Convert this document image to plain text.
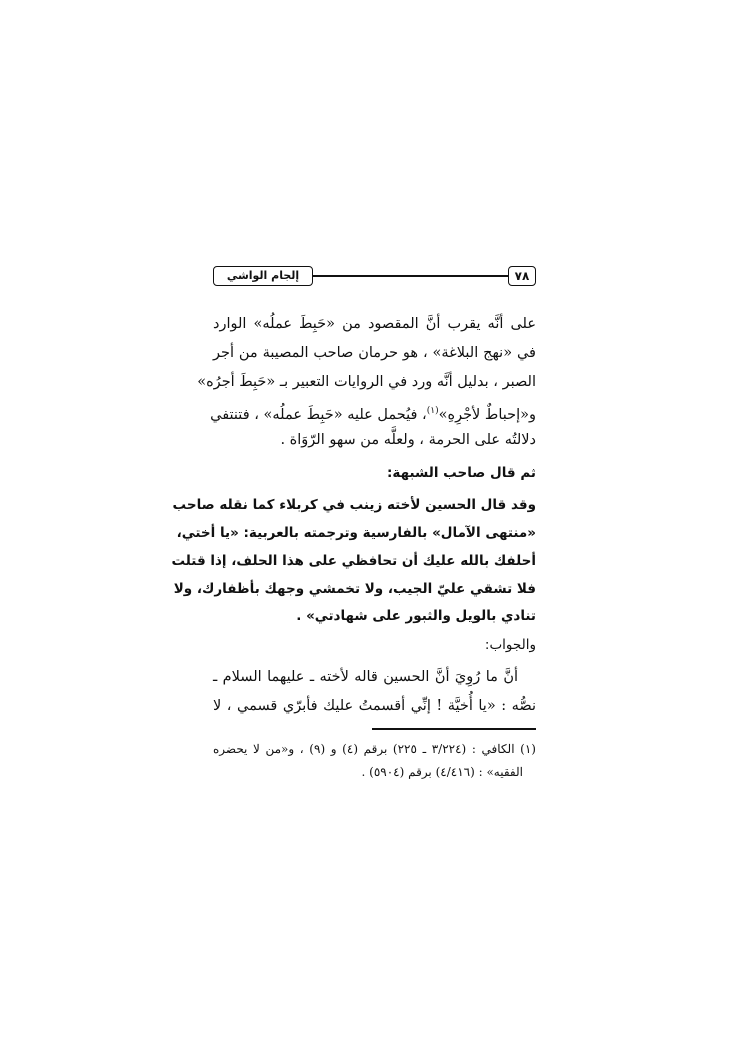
إلجام الواشي	٧٨
على أنَّه يقرب أنَّ المقصود من «حَبِطَ عملُه» الوارد
في «نهج البلاغة» ، هو حرمان صاحب المصيبة من أجر
الصبر ، بدليل أنَّه ورد في الروايات التعبير بـ «حَبِطَ أجرُه»
و«إحباطٌ لأجْرِهِ»$^{(١)}$، فيُحمل عليه «حَبِطَ عملُه» ، فتنتفي
دلالتُه على الحرمة ، ولعلَّه من سهو الرّوَاة .
ثم قال صاحب الشبهة:
وقد قال الحسين لأخته زينب في كربلاء كما نقله صاحب
«منتهى الآمال» بالفارسية وترجمته بالعربية: «يا أختي،
أحلفك بالله عليك أن تحافظي على هذا الحلف، إذا قتلت
فلا تشقي عليّ الجيب، ولا تخمشي وجهك بأظفارك، ولا
تنادي بالويل والثبور على شهادتي» .
والجواب:
أنَّ ما رُوِيَ أنَّ الحسين قاله لأخته ـ عليهما السلام ـ
نصُّه : «يا أُخيَّة ! إنِّي أقسمتُ عليك فأبرّي قسمي ، لا
(١) الكافي : (٣/٢٢٤ ـ ٢٢٥) برقم (٤) و (٩) ، و«من لا يحضره
الفقيه» : (٤/٤١٦) برقم (٥٩٠٤) .
